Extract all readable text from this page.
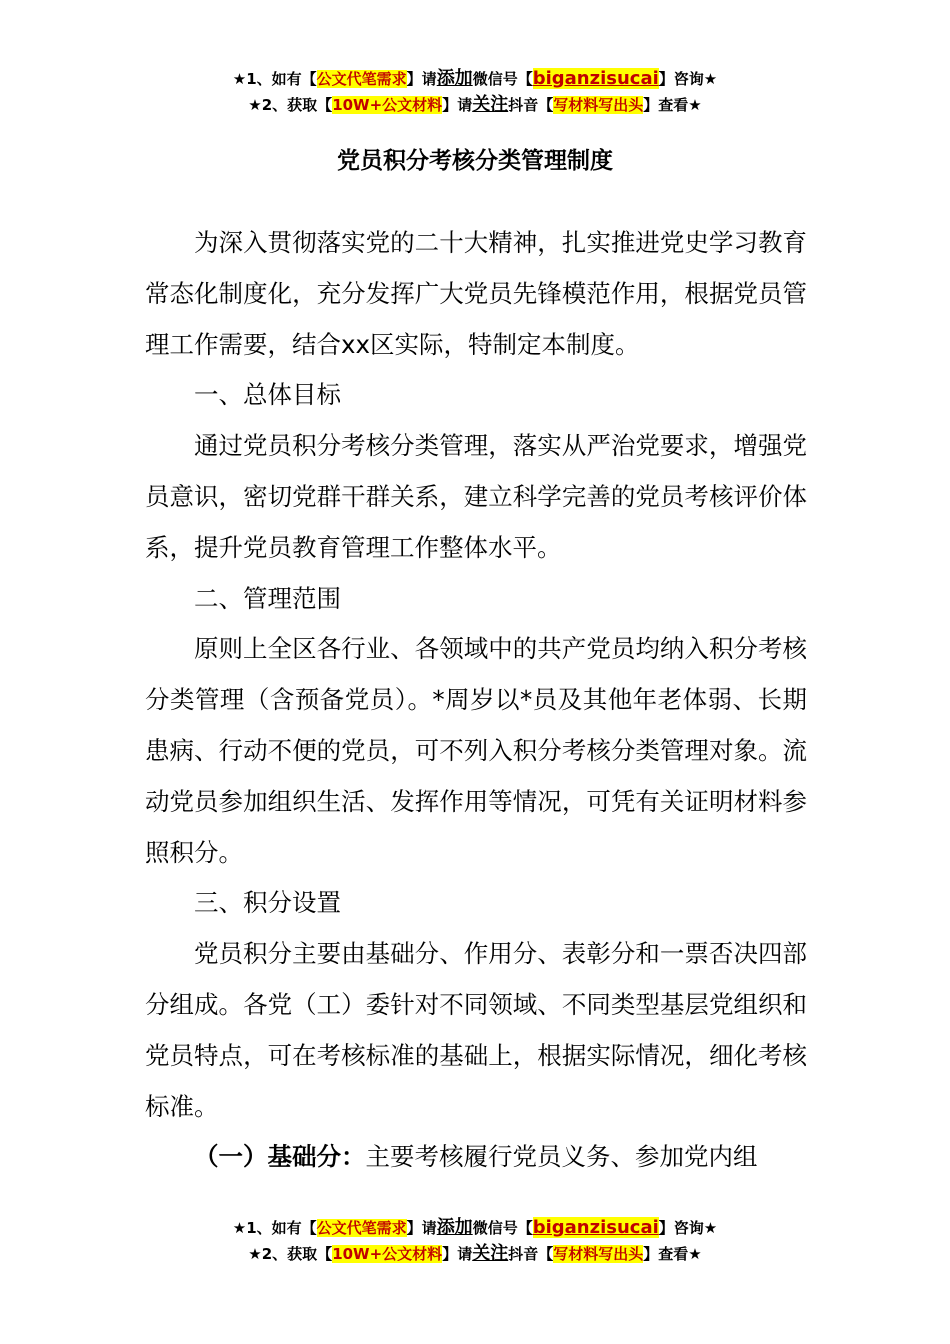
★1、如有【公文代笔需求】请添加微信号【biganzisucai】咨询★
★2、获取【10W+公文材料】请关注抖音【写材料写出头】查看★
党员积分考核分类管理制度

为深入贯彻落实党的二十大精神，扎实推进党史学习教育常态化制度化，充分发挥广大党员先锋模范作用，根据党员管理工作需要，结合xx区实际，特制定本制度。

一、总体目标

通过党员积分考核分类管理，落实从严治党要求，增强党员意识，密切党群干群关系，建立科学完善的党员考核评价体系，提升党员教育管理工作整体水平。

二、管理范围

原则上全区各行业、各领域中的共产党员均纳入积分考核分类管理（含预备党员）。*周岁以*员及其他年老体弱、长期患病、行动不便的党员，可不列入积分考核分类管理对象。流动党员参加组织生活、发挥作用等情况，可凭有关证明材料参照积分。

三、积分设置

党员积分主要由基础分、作用分、表彰分和一票否决四部分组成。各党（工）委针对不同领域、不同类型基层党组织和党员特点，可在考核标准的基础上，根据实际情况，细化考核标准。

（一）基础分：主要考核履行党员义务、参加党内组

★1、如有【公文代笔需求】请添加微信号【biganzisucai】咨询★
★2、获取【10W+公文材料】请关注抖音【写材料写出头】查看★
